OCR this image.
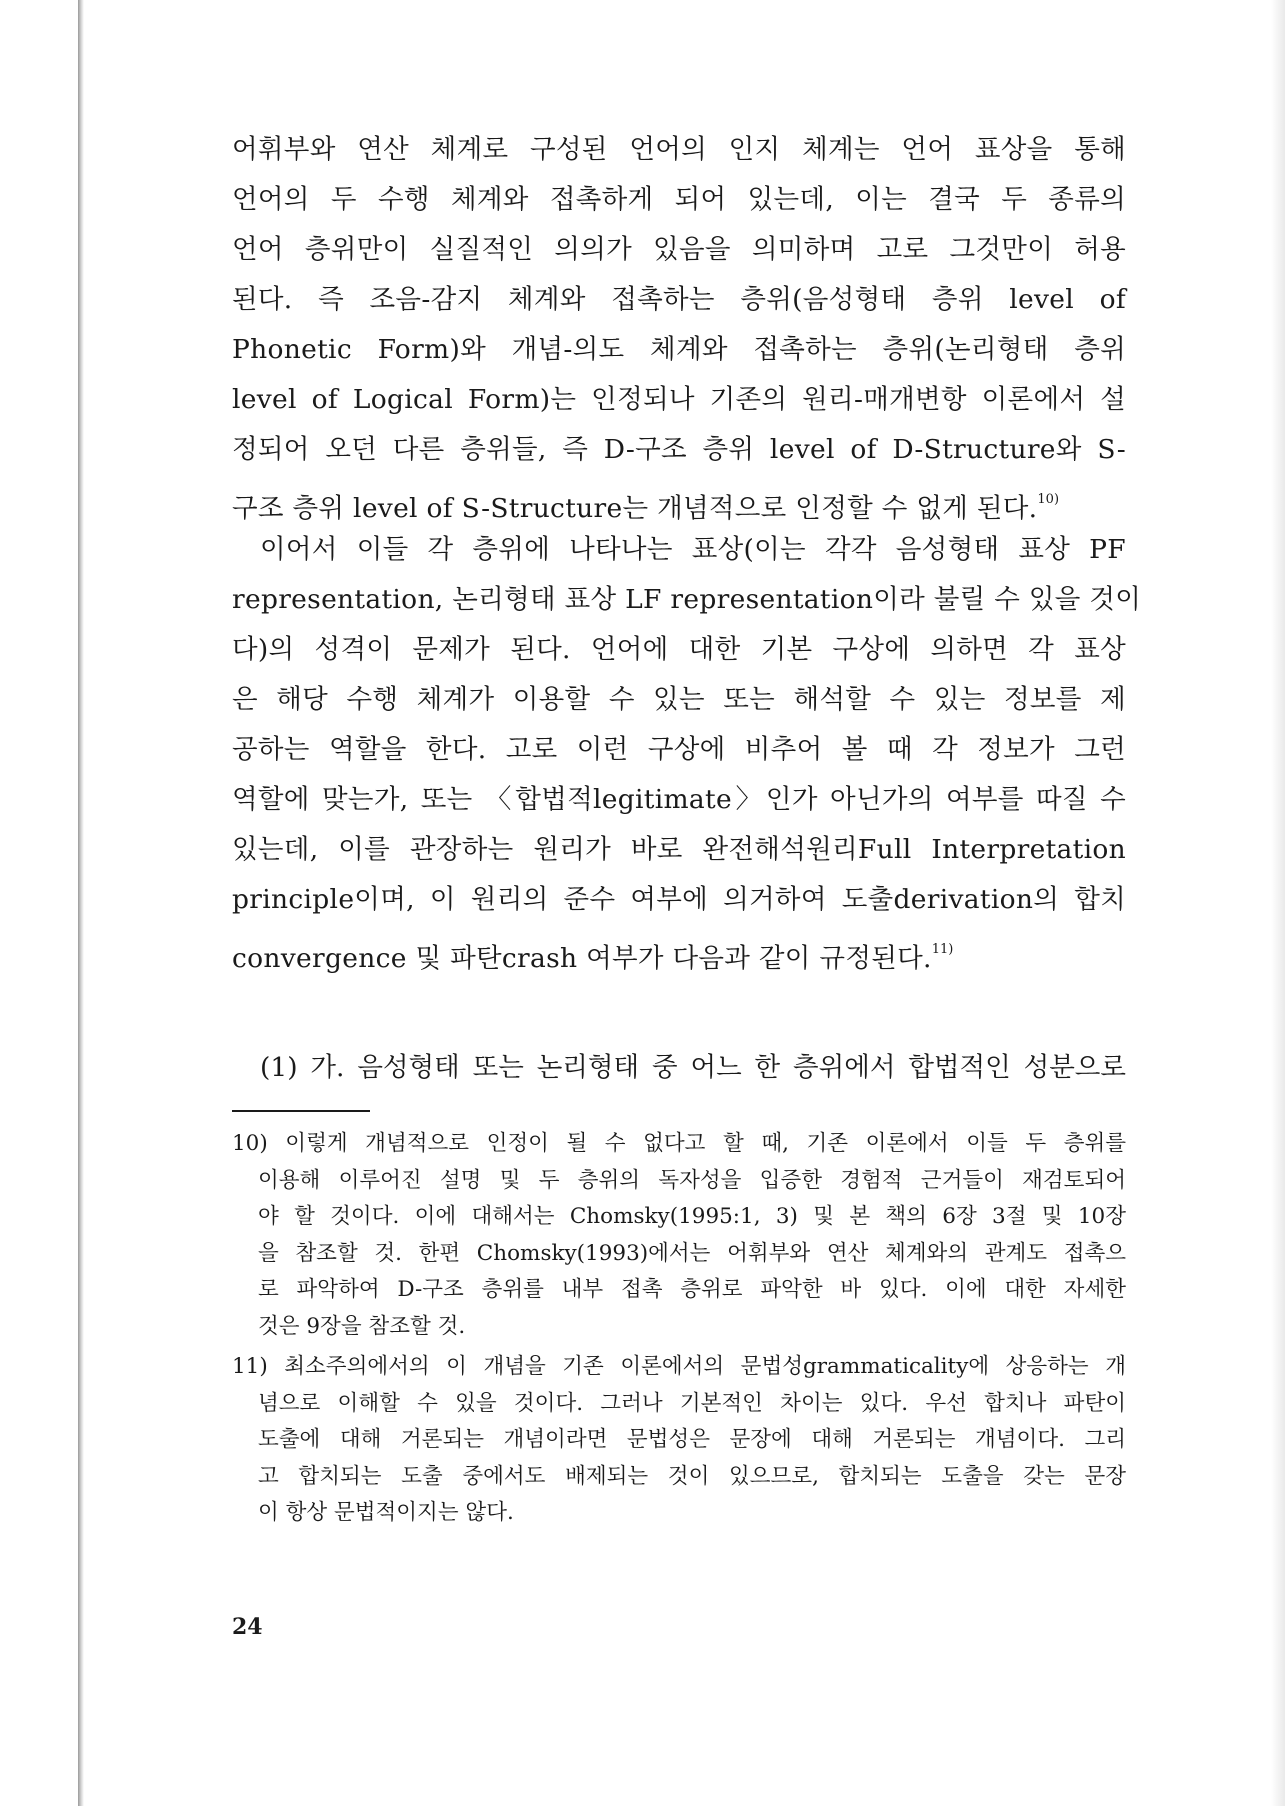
어휘부와 연산 체계로 구성된 언어의 인지 체계는 언어 표상을 통해
언어의 두 수행 체계와 접촉하게 되어 있는데, 이는 결국 두 종류의
언어 층위만이 실질적인 의의가 있음을 의미하며 고로 그것만이 허용
된다. 즉 조음-감지 체계와 접촉하는 층위(음성형태 층위 level of
Phonetic Form)와 개념-의도 체계와 접촉하는 층위(논리형태 층위
level of Logical Form)는 인정되나 기존의 원리-매개변항 이론에서 설
정되어 오던 다른 층위들, 즉 D-구조 층위 level of D-Structure와 S-
구조 층위 level of S-Structure는 개념적으로 인정할 수 없게 된다.$^{10)}$
이어서 이들 각 층위에 나타나는 표상(이는 각각 음성형태 표상 PF
representation, 논리형태 표상 LF representation이라 불릴 수 있을 것이
다)의 성격이 문제가 된다. 언어에 대한 기본 구상에 의하면 각 표상
은 해당 수행 체계가 이용할 수 있는 또는 해석할 수 있는 정보를 제
공하는 역할을 한다. 고로 이런 구상에 비추어 볼 때 각 정보가 그런
역할에 맞는가, 또는 〈합법적legitimate〉인가 아닌가의 여부를 따질 수
있는데, 이를 관장하는 원리가 바로 완전해석원리Full Interpretation
principle이며, 이 원리의 준수 여부에 의거하여 도출derivation의 합치
convergence 및 파탄crash 여부가 다음과 같이 규정된다.$^{11)}$
(1) 가. 음성형태 또는 논리형태 중 어느 한 층위에서 합법적인 성분으로
10) 이렇게 개념적으로 인정이 될 수 없다고 할 때, 기존 이론에서 이들 두 층위를
이용해 이루어진 설명 및 두 층위의 독자성을 입증한 경험적 근거들이 재검토되어
야 할 것이다. 이에 대해서는 Chomsky(1995:1, 3) 및 본 책의 6장 3절 및 10장
을 참조할 것. 한편 Chomsky(1993)에서는 어휘부와 연산 체계와의 관계도 접촉으
로 파악하여 D-구조 층위를 내부 접촉 층위로 파악한 바 있다. 이에 대한 자세한
것은 9장을 참조할 것.
11) 최소주의에서의 이 개념을 기존 이론에서의 문법성grammaticality에 상응하는 개
념으로 이해할 수 있을 것이다. 그러나 기본적인 차이는 있다. 우선 합치나 파탄이
도출에 대해 거론되는 개념이라면 문법성은 문장에 대해 거론되는 개념이다. 그리
고 합치되는 도출 중에서도 배제되는 것이 있으므로, 합치되는 도출을 갖는 문장
이 항상 문법적이지는 않다.
24
